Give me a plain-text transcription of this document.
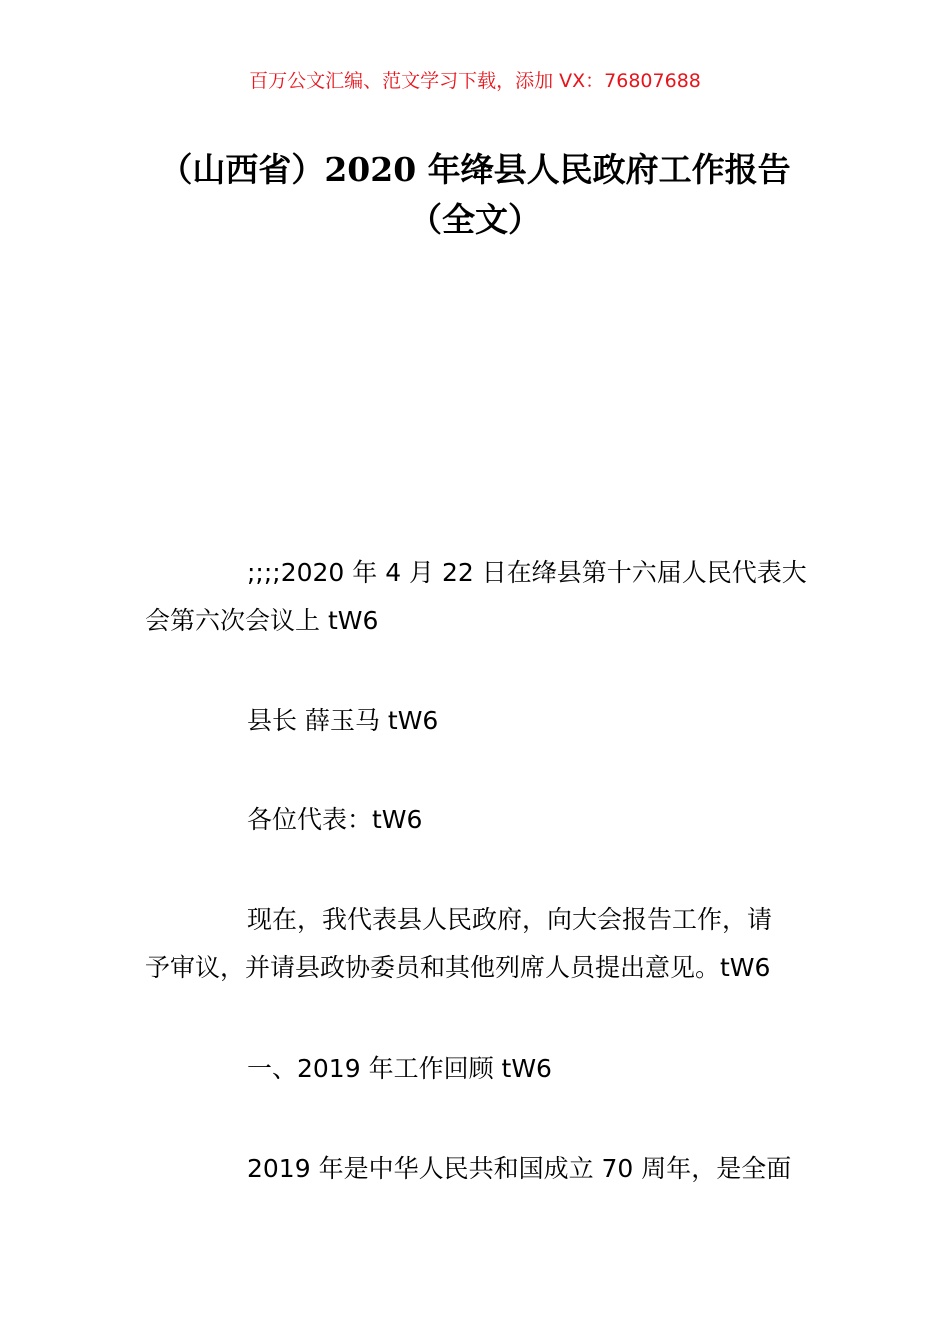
百万公文汇编、范文学习下载，添加 VX：76807688
（山西省）2020 年绛县人民政府工作报告
（全文）
;;;;2020 年 4 月 22 日在绛县第十六届人民代表大
会第六次会议上 tW6
县长 薛玉马 tW6
各位代表：tW6
现在，我代表县人民政府，向大会报告工作，请
予审议，并请县政协委员和其他列席人员提出意见。tW6
一、2019 年工作回顾 tW6
2019 年是中华人民共和国成立 70 周年，是全面
